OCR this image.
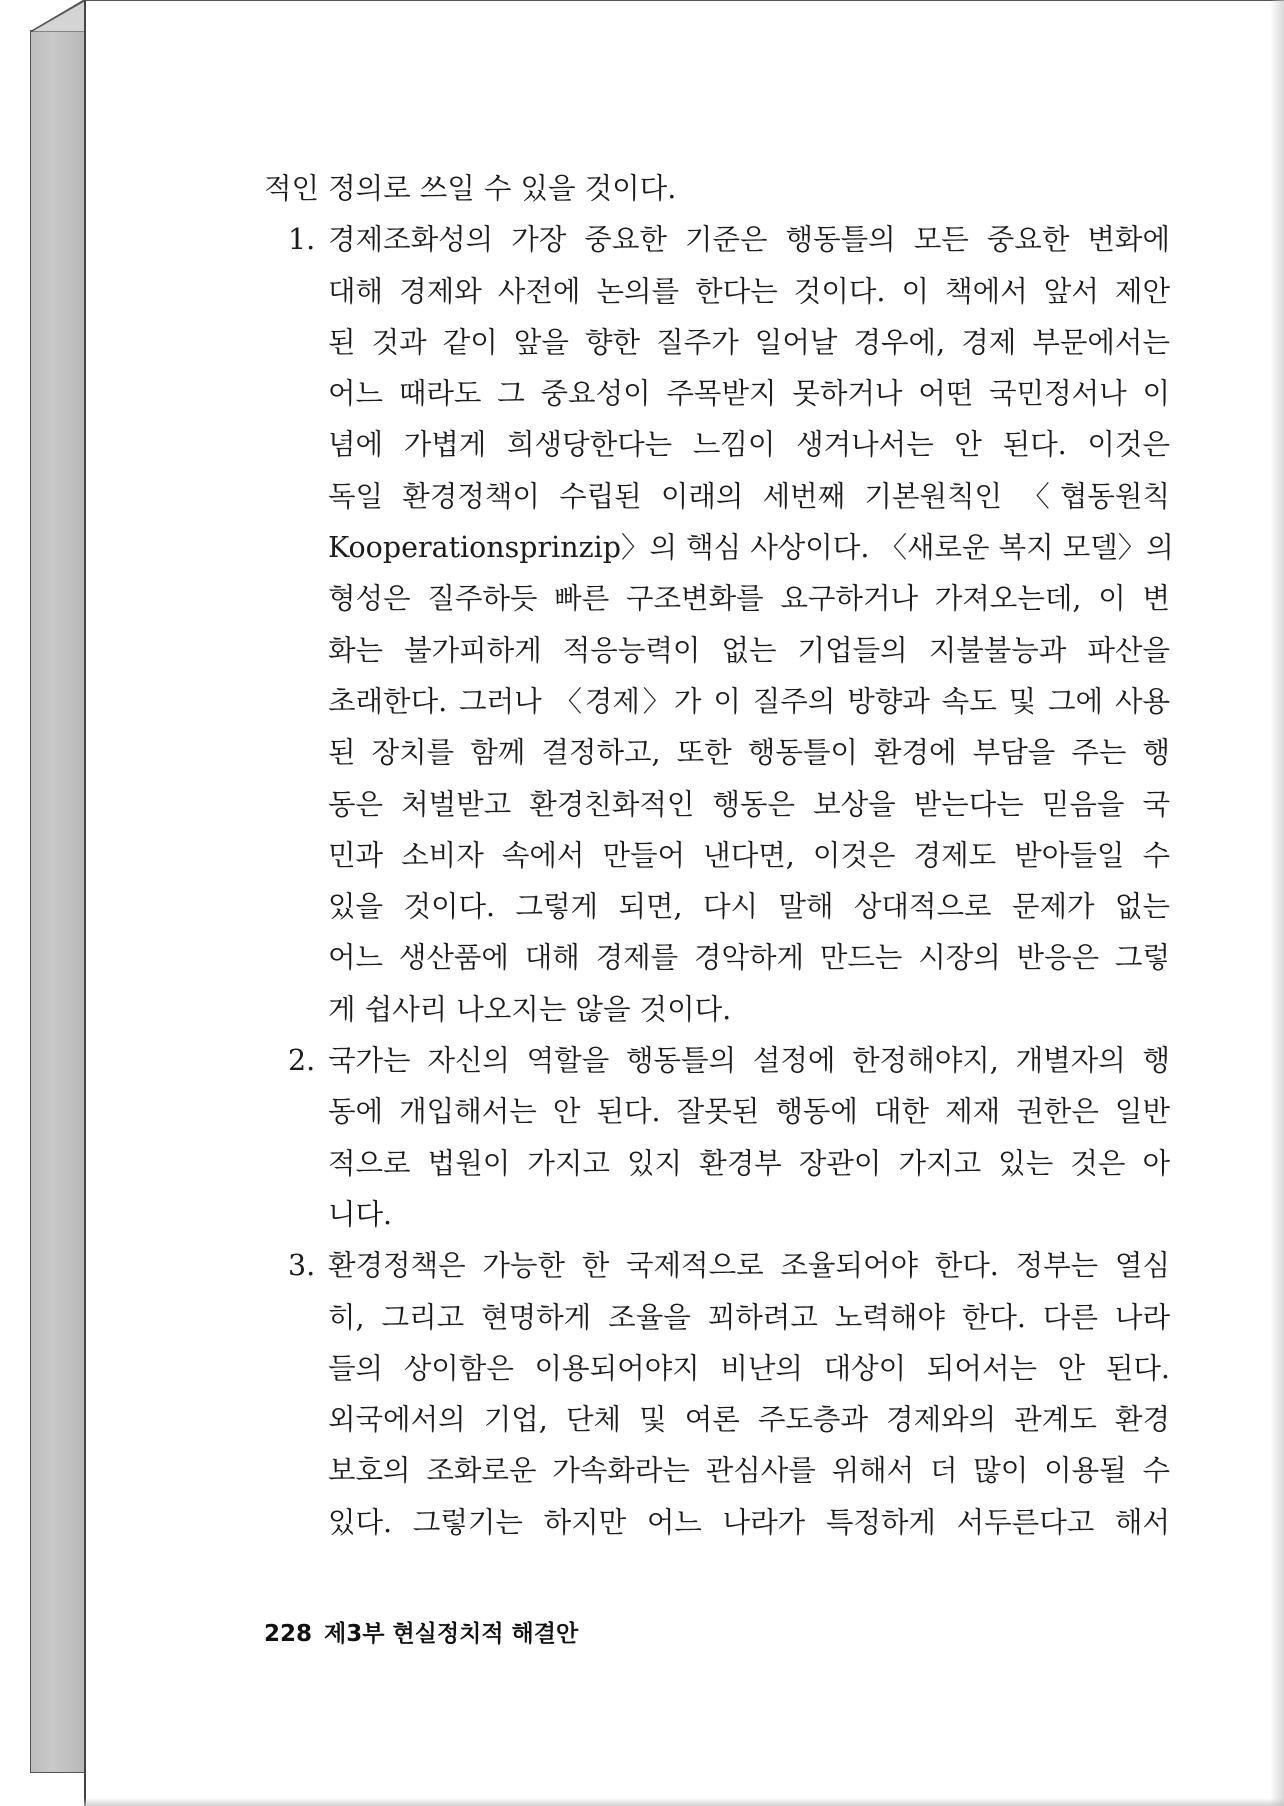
적인 정의로 쓰일 수 있을 것이다.
1. 경제조화성의 가장 중요한 기준은 행동틀의 모든 중요한 변화에
대해 경제와 사전에 논의를 한다는 것이다. 이 책에서 앞서 제안
된 것과 같이 앞을 향한 질주가 일어날 경우에, 경제 부문에서는
어느 때라도 그 중요성이 주목받지 못하거나 어떤 국민정서나 이
념에 가볍게 희생당한다는 느낌이 생겨나서는 안 된다. 이것은
독일 환경정책이 수립된 이래의 세번째 기본원칙인 〈협동원칙
Kooperationsprinzip〉의 핵심 사상이다. 〈새로운 복지 모델〉의
형성은 질주하듯 빠른 구조변화를 요구하거나 가져오는데, 이 변
화는 불가피하게 적응능력이 없는 기업들의 지불불능과 파산을
초래한다. 그러나 〈경제〉가 이 질주의 방향과 속도 및 그에 사용
된 장치를 함께 결정하고, 또한 행동틀이 환경에 부담을 주는 행
동은 처벌받고 환경친화적인 행동은 보상을 받는다는 믿음을 국
민과 소비자 속에서 만들어 낸다면, 이것은 경제도 받아들일 수
있을 것이다. 그렇게 되면, 다시 말해 상대적으로 문제가 없는
어느 생산품에 대해 경제를 경악하게 만드는 시장의 반응은 그렇
게 쉽사리 나오지는 않을 것이다.
2. 국가는 자신의 역할을 행동틀의 설정에 한정해야지, 개별자의 행
동에 개입해서는 안 된다. 잘못된 행동에 대한 제재 권한은 일반
적으로 법원이 가지고 있지 환경부 장관이 가지고 있는 것은 아
니다.
3. 환경정책은 가능한 한 국제적으로 조율되어야 한다. 정부는 열심
히, 그리고 현명하게 조율을 꾀하려고 노력해야 한다. 다른 나라
들의 상이함은 이용되어야지 비난의 대상이 되어서는 안 된다.
외국에서의 기업, 단체 및 여론 주도층과 경제와의 관계도 환경
보호의 조화로운 가속화라는 관심사를 위해서 더 많이 이용될 수
있다. 그렇기는 하지만 어느 나라가 특정하게 서두른다고 해서
228 제3부 현실정치적 해결안
